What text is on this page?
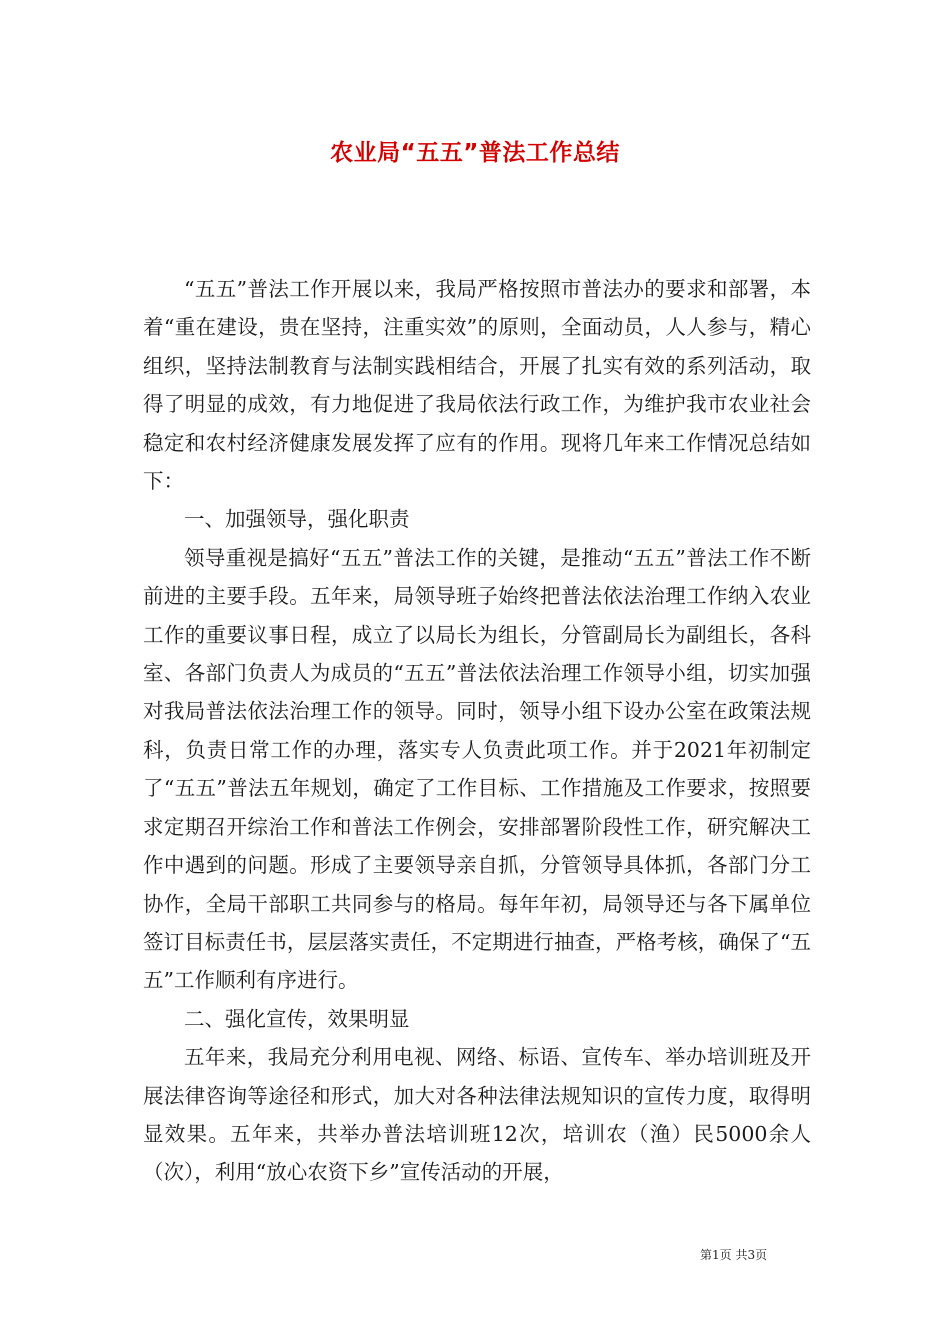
农业局“五五”普法工作总结

“五五”普法工作开展以来，我局严格按照市普法办的要求和部署，本着“重在建设，贵在坚持，注重实效”的原则，全面动员，人人参与，精心组织，坚持法制教育与法制实践相结合，开展了扎实有效的系列活动，取得了明显的成效，有力地促进了我局依法行政工作，为维护我市农业社会稳定和农村经济健康发展发挥了应有的作用。现将几年来工作情况总结如下：

一、加强领导，强化职责

领导重视是搞好“五五”普法工作的关键，是推动“五五”普法工作不断前进的主要手段。五年来，局领导班子始终把普法依法治理工作纳入农业工作的重要议事日程，成立了以局长为组长，分管副局长为副组长，各科室、各部门负责人为成员的“五五”普法依法治理工作领导小组，切实加强对我局普法依法治理工作的领导。同时，领导小组下设办公室在政策法规科，负责日常工作的办理，落实专人负责此项工作。并于2021年初制定了“五五”普法五年规划，确定了工作目标、工作措施及工作要求，按照要求定期召开综治工作和普法工作例会，安排部署阶段性工作，研究解决工作中遇到的问题。形成了主要领导亲自抓，分管领导具体抓，各部门分工协作，全局干部职工共同参与的格局。每年年初，局领导还与各下属单位签订目标责任书，层层落实责任，不定期进行抽查，严格考核，确保了“五五”工作顺利有序进行。

二、强化宣传，效果明显

五年来，我局充分利用电视、网络、标语、宣传车、举办培训班及开展法律咨询等途径和形式，加大对各种法律法规知识的宣传力度，取得明显效果。五年来，共举办普法培训班12次，培训农（渔）民5000余人（次），利用“放心农资下乡”宣传活动的开展，

第1页 共3页
